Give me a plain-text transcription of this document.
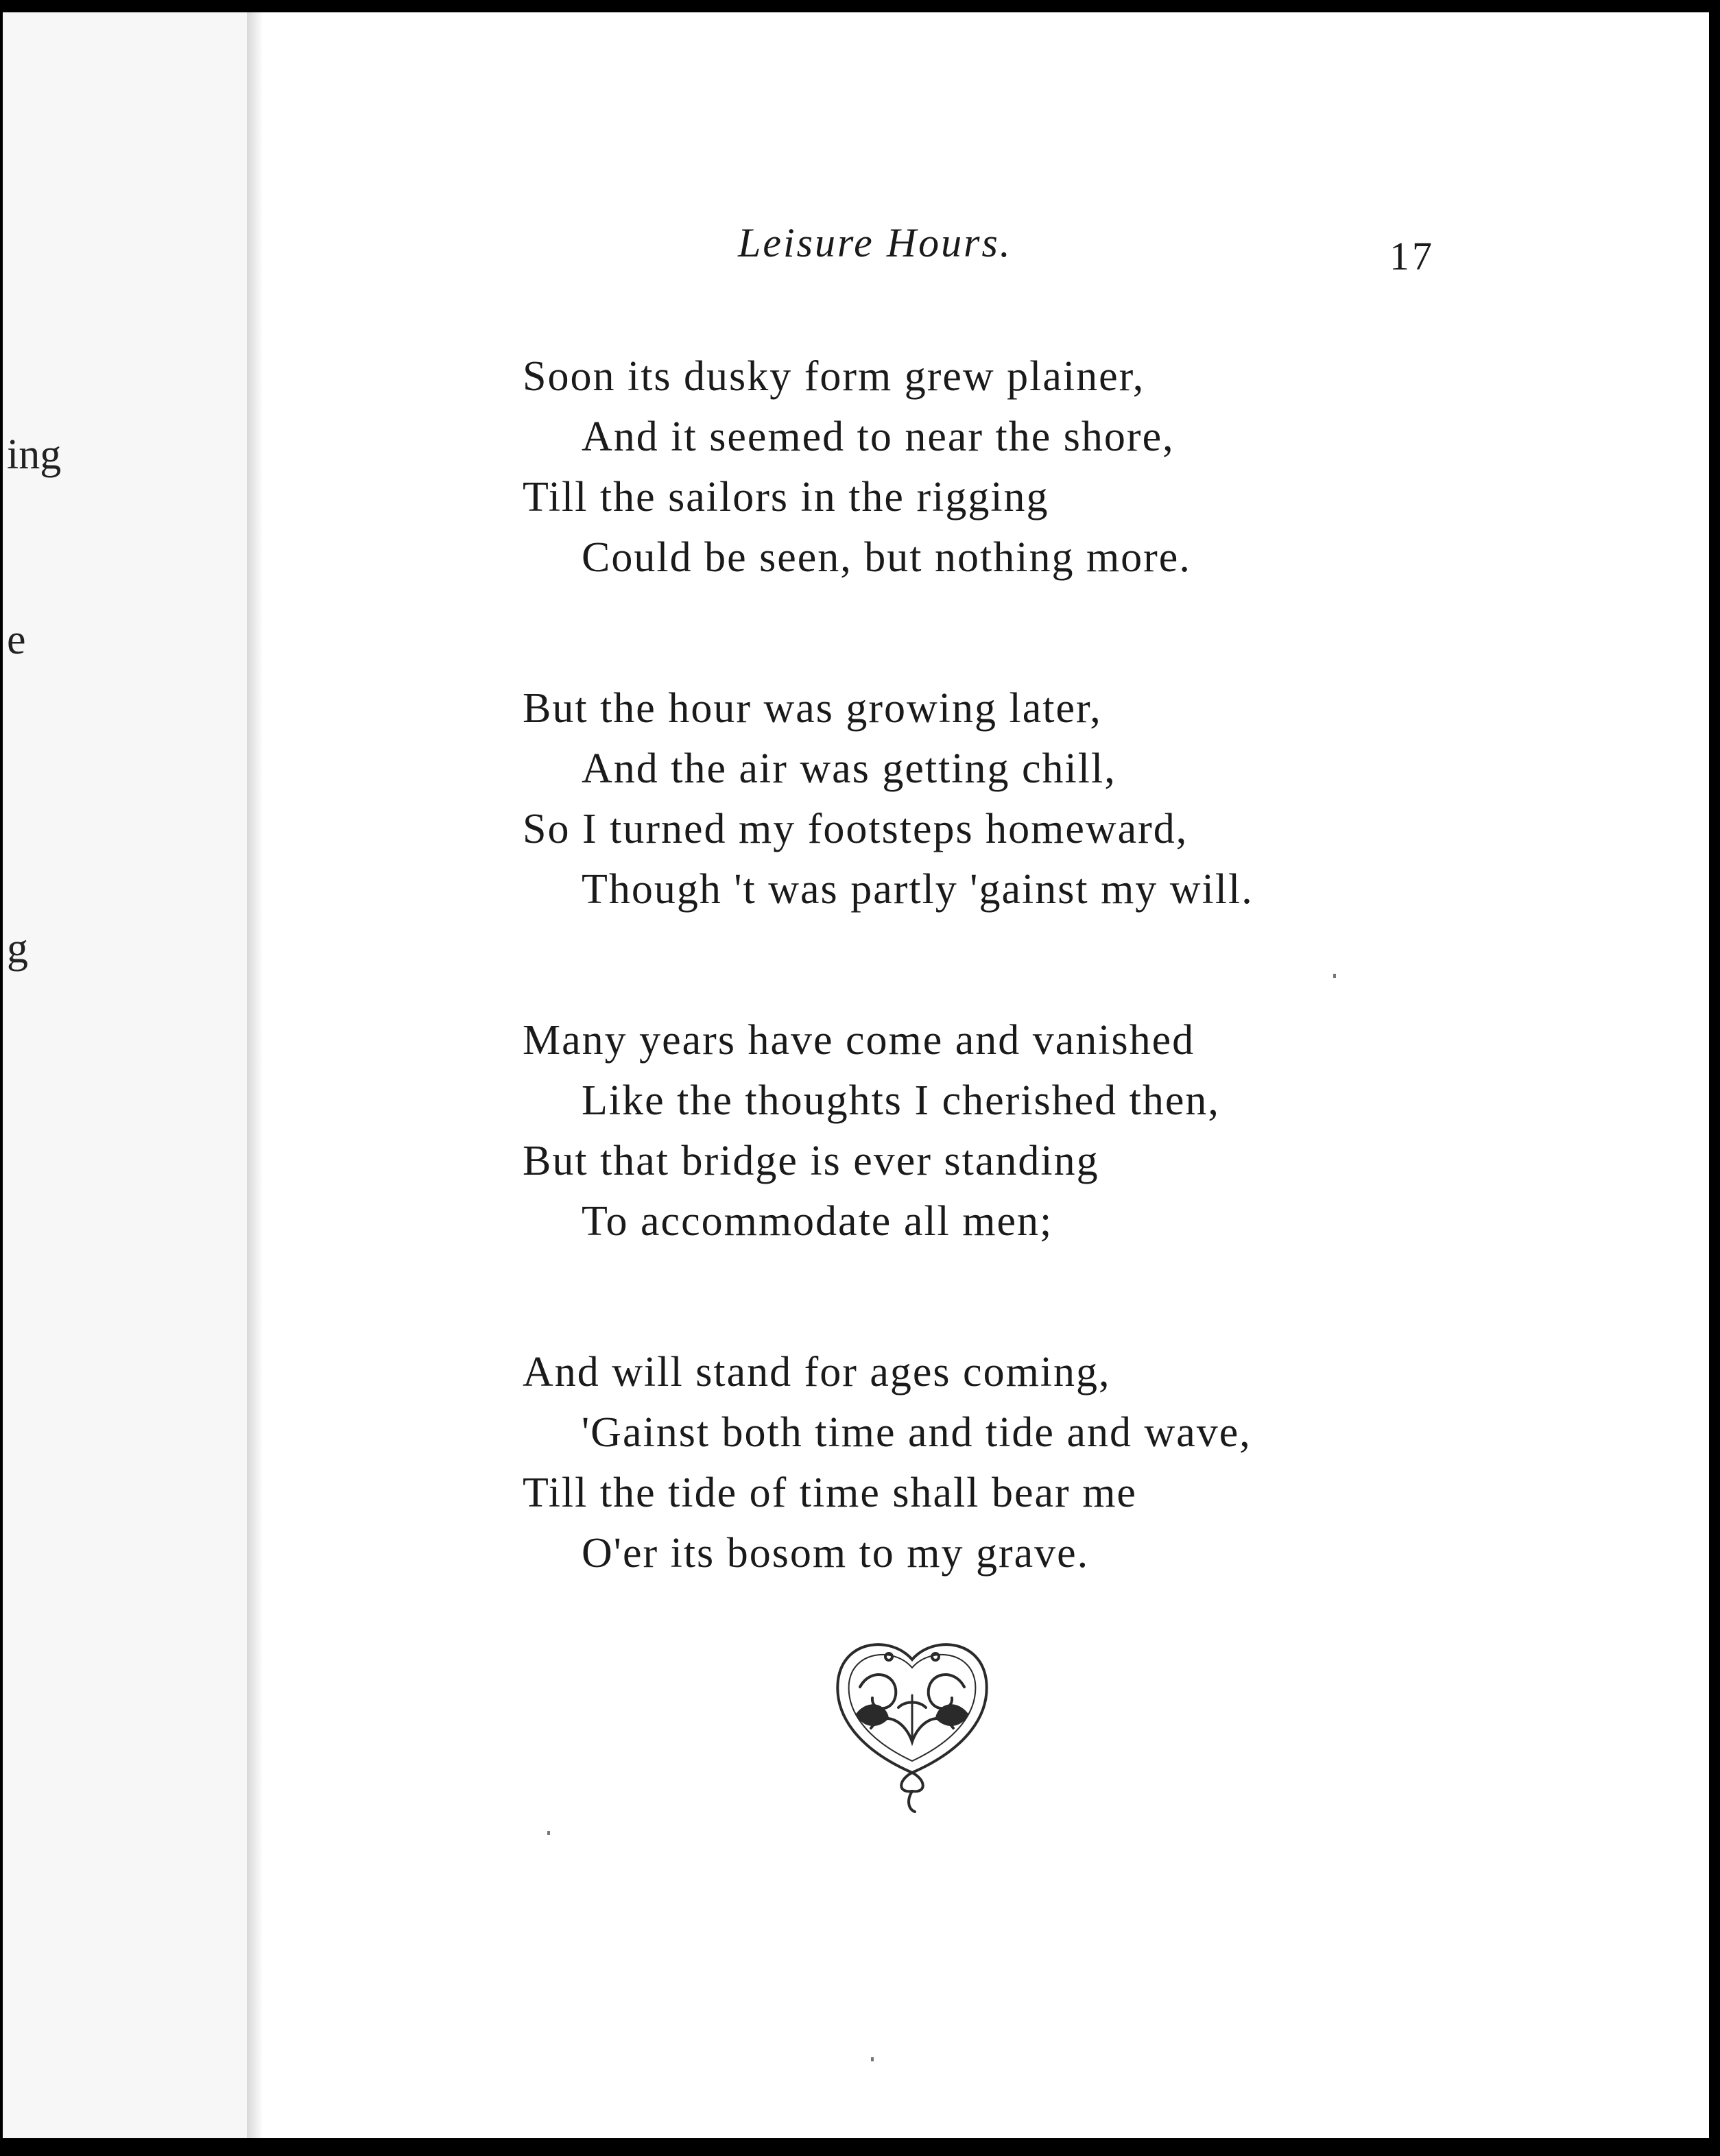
ing
e
g
Leisure Hours.	17
Soon its dusky form grew plainer,
And it seemed to near the shore,
Till the sailors in the rigging
Could be seen, but nothing more.
But the hour was growing later,
And the air was getting chill,
So I turned my footsteps homeward,
Though 't was partly 'gainst my will.
Many years have come and vanished
Like the thoughts I cherished then,
But that bridge is ever standing
To accommodate all men;
And will stand for ages coming,
'Gainst both time and tide and wave,
Till the tide of time shall bear me
O'er its bosom to my grave.
